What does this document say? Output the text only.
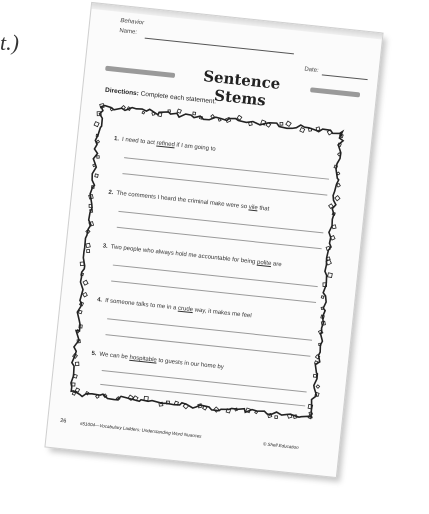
t.)
Behavior
Name:
Date:
Sentence Stems
Directions: Complete each statement.
1. I need to act refined if I am going to
2. The comments I heard the criminal make were so vile that
3. Two people who always hold me accountable for being polite are
4. If someone talks to me in a crude way, it makes me feel
5. We can be hospitable to guests in our home by
26	#51004—Vocabulary Ladders: Understanding Word Nuances
© Shell Education
